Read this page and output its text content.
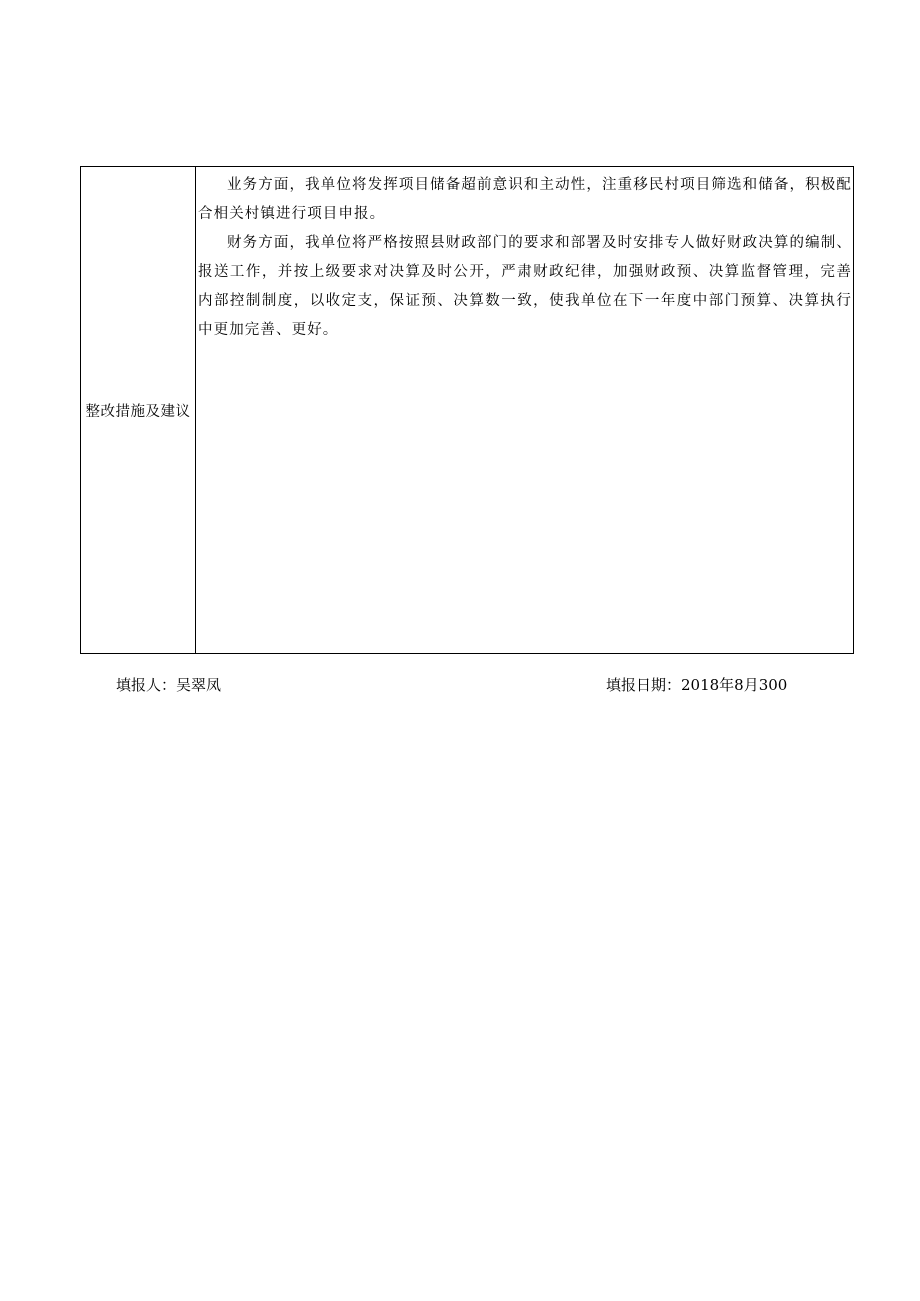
整改措施及建议

业务方面，我单位将发挥项目储备超前意识和主动性，注重移民村项目筛选和储备，积极配合相关村镇进行项目申报。

财务方面，我单位将严格按照县财政部门的要求和部署及时安排专人做好财政决算的编制、报送工作，并按上级要求对决算及时公开，严肃财政纪律，加强财政预、决算监督管理，完善内部控制制度，以收定支，保证预、决算数一致，使我单位在下一年度中部门预算、决算执行中更加完善、更好。

填报人：吴翠凤	填报日期：2018年8月300
